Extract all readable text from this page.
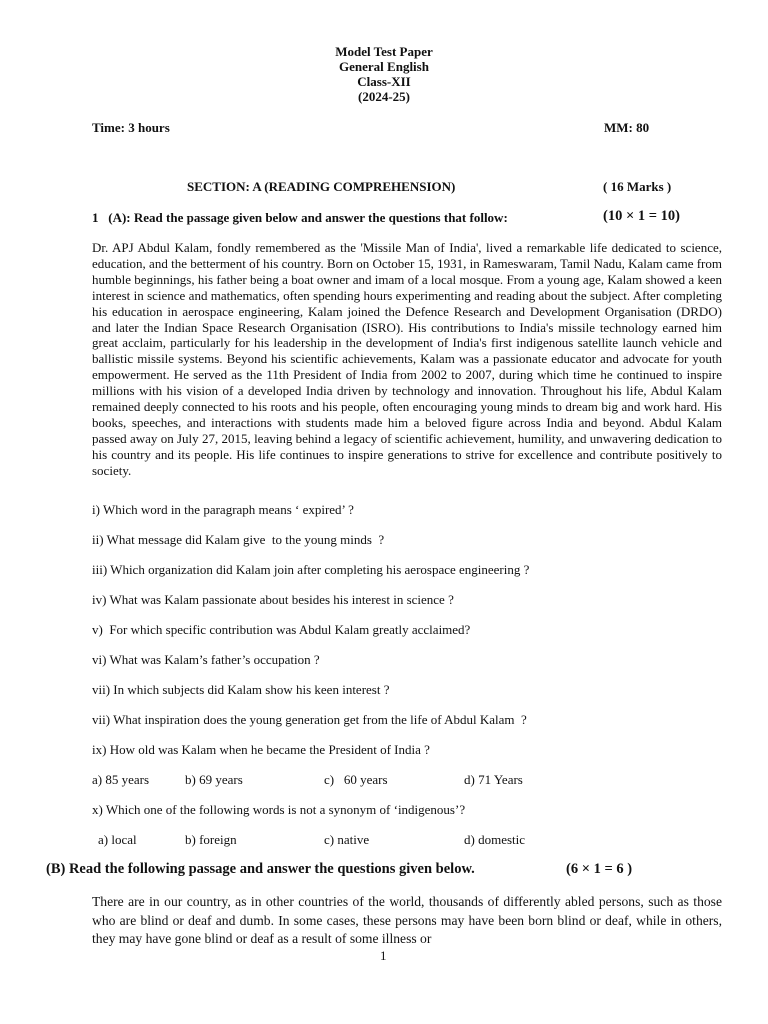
Model Test Paper
General English
Class-XII
(2024-25)
Time: 3 hours	MM: 80
SECTION: A (READING COMPREHENSION)	( 16 Marks )
1   (A): Read the passage given below and answer the questions that follow:	(10 × 1 = 10)

Dr. APJ Abdul Kalam, fondly remembered as the 'Missile Man of India', lived a remarkable life dedicated to science, education, and the betterment of his country. Born on October 15, 1931, in Rameswaram, Tamil Nadu, Kalam came from humble beginnings, his father being a boat owner and imam of a local mosque. From a young age, Kalam showed a keen interest in science and mathematics, often spending hours experimenting and reading about the subject. After completing his education in aerospace engineering, Kalam joined the Defence Research and Development Organisation (DRDO) and later the Indian Space Research Organisation (ISRO). His contributions to India's missile technology earned him great acclaim, particularly for his leadership in the development of India's first indigenous satellite launch vehicle and ballistic missile systems. Beyond his scientific achievements, Kalam was a passionate educator and advocate for youth empowerment. He served as the 11th President of India from 2002 to 2007, during which time he continued to inspire millions with his vision of a developed India driven by technology and innovation. Throughout his life, Abdul Kalam remained deeply connected to his roots and his people, often encouraging young minds to dream big and work hard. His books, speeches, and interactions with students made him a beloved figure across India and beyond. Abdul Kalam passed away on July 27, 2015, leaving behind a legacy of scientific achievement, humility, and unwavering dedication to his country and its people. His life continues to inspire generations to strive for excellence and contribute positively to society.

i) Which word in the paragraph means ‘ expired’ ?
ii) What message did Kalam give  to the young minds  ?
iii) Which organization did Kalam join after completing his aerospace engineering ?
iv) What was Kalam passionate about besides his interest in science ?
v)  For which specific contribution was Abdul Kalam greatly acclaimed?
vi) What was Kalam’s father’s occupation ?
vii) In which subjects did Kalam show his keen interest ?
vii) What inspiration does the young generation get from the life of Abdul Kalam  ?
ix) How old was Kalam when he became the President of India ?
a) 85 years	b) 69 years	c)   60 years	d) 71 Years
x) Which one of the following words is not a synonym of ‘indigenous’?
a) local	b) foreign	c) native	d) domestic
(B) Read the following passage and answer the questions given below.	(6 × 1 = 6 )

There are in our country, as in other countries of the world, thousands of differently abled persons, such as those who are blind or deaf and dumb. In some cases, these persons may have been born blind or deaf, while in others, they may have gone blind or deaf as a result of some illness or

1
